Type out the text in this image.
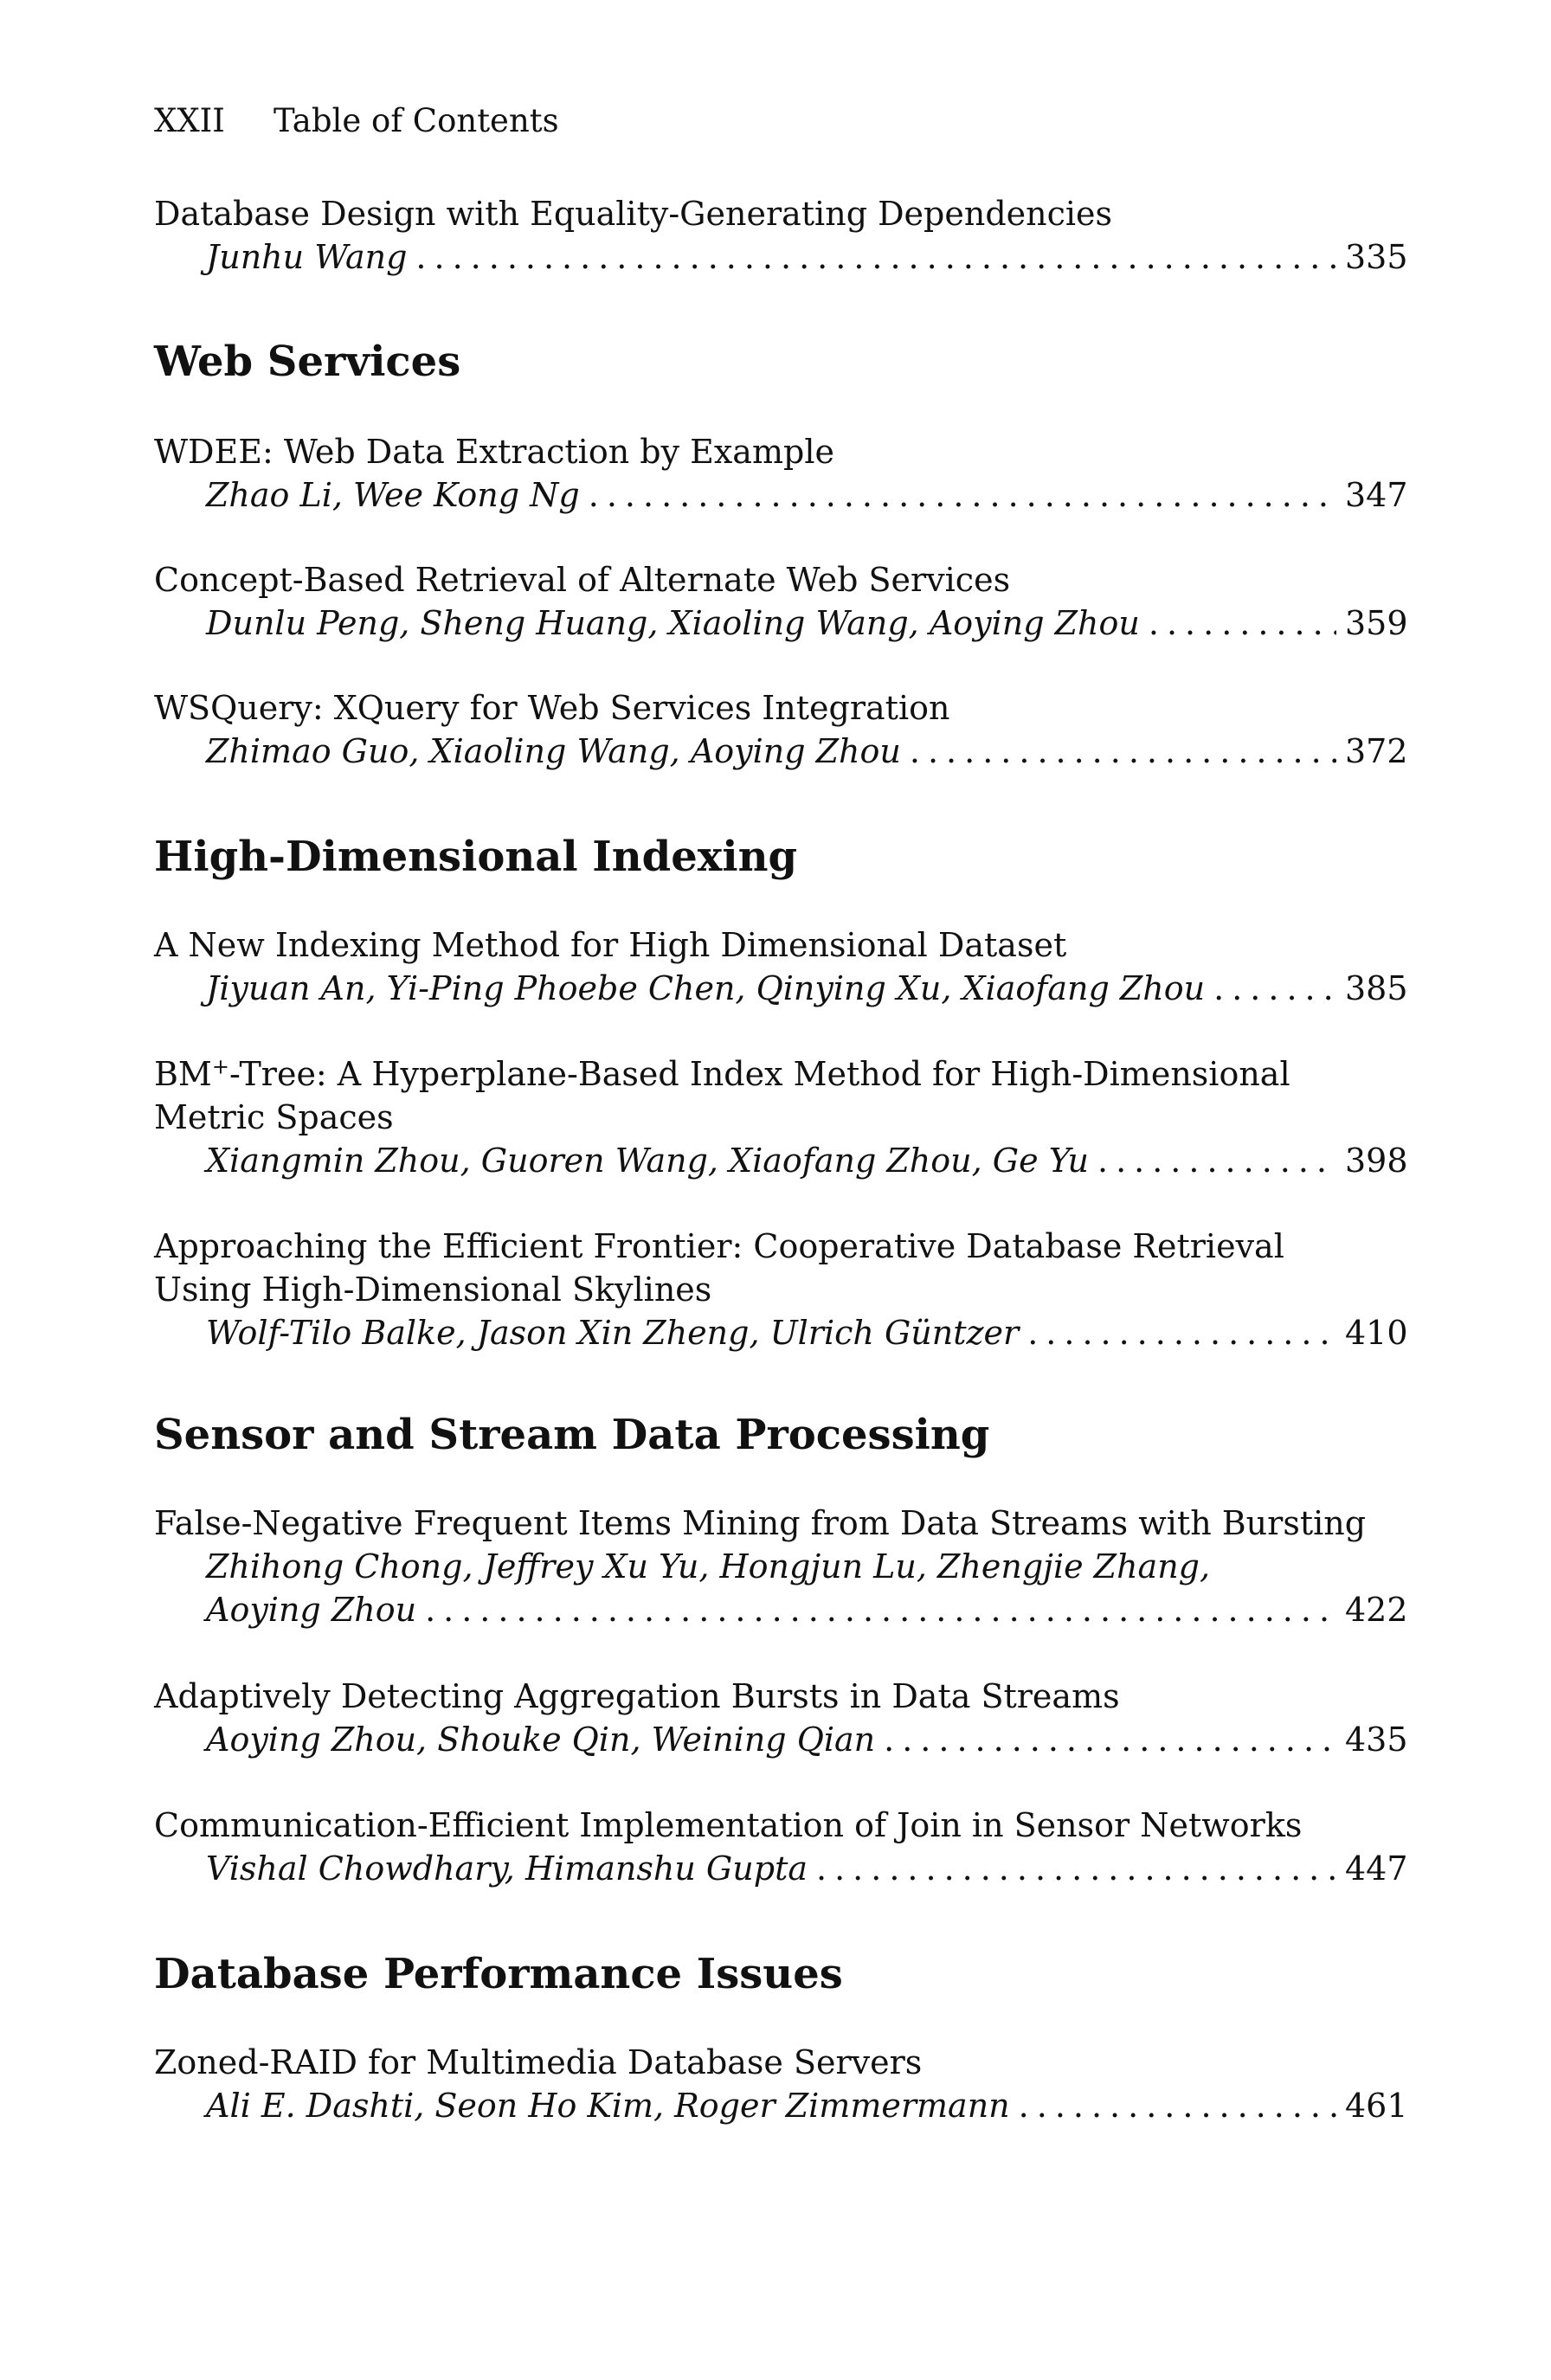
XXII Table of Contents
Database Design with Equality-Generating Dependencies
Junhu Wang .....	335
Web Services
WDEE: Web Data Extraction by Example
Zhao Li, Wee Kong Ng .....	347
Concept-Based Retrieval of Alternate Web Services
Dunlu Peng, Sheng Huang, Xiaoling Wang, Aoying Zhou .....	359
WSQuery: XQuery for Web Services Integration
Zhimao Guo, Xiaoling Wang, Aoying Zhou .....	372
High-Dimensional Indexing
A New Indexing Method for High Dimensional Dataset
Jiyuan An, Yi-Ping Phoebe Chen, Qinying Xu, Xiaofang Zhou .....	385
BM+-Tree: A Hyperplane-Based Index Method for High-Dimensional
Metric Spaces
Xiangmin Zhou, Guoren Wang, Xiaofang Zhou, Ge Yu .....	398
Approaching the Efficient Frontier: Cooperative Database Retrieval
Using High-Dimensional Skylines
Wolf-Tilo Balke, Jason Xin Zheng, Ulrich Güntzer .....	410
Sensor and Stream Data Processing
False-Negative Frequent Items Mining from Data Streams with Bursting
Zhihong Chong, Jeffrey Xu Yu, Hongjun Lu, Zhengjie Zhang,
Aoying Zhou .....	422
Adaptively Detecting Aggregation Bursts in Data Streams
Aoying Zhou, Shouke Qin, Weining Qian .....	435
Communication-Efficient Implementation of Join in Sensor Networks
Vishal Chowdhary, Himanshu Gupta .....	447
Database Performance Issues
Zoned-RAID for Multimedia Database Servers
Ali E. Dashti, Seon Ho Kim, Roger Zimmermann .....	461
